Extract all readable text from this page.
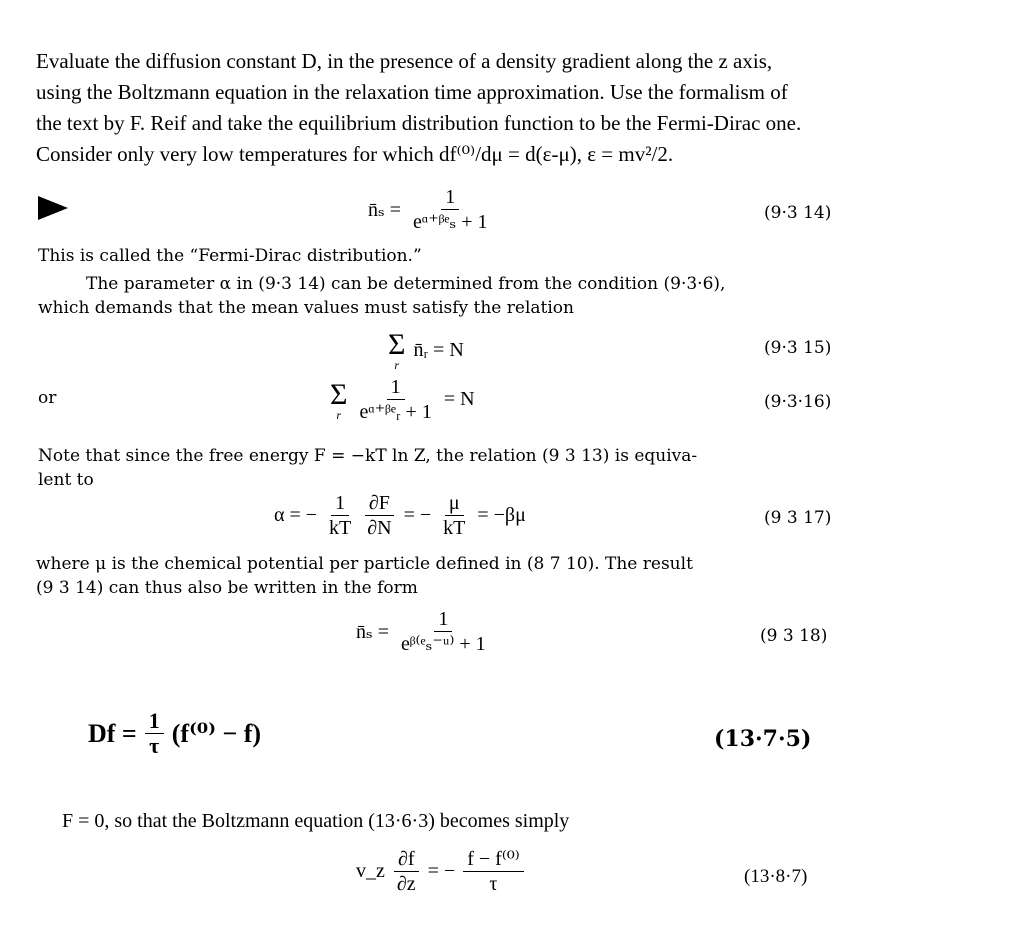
Evaluate the diffusion constant D, in the presence of a density gradient along the z axis,

using the Boltzmann equation in the relaxation time approximation. Use the formalism of

the text by F. Reif and take the equilibrium distribution function to be the Fermi-Dirac one.

Consider only very low temperatures for which df⁽⁰⁾/dμ = d(ε-μ), ε = mv²/2.

n̄ₛ = $\frac{1}{\text{eᵅ⁺ᵝᵉₛ + 1}}$	(9·3 14)
This is called the “Fermi-Dirac distribution.”
The parameter α in (9·3 14) can be determined from the condition (9·3·6),
which demands that the mean values must satisfy the relation
Σ
r
n̄ᵣ = N	(9·3 15)
or	Σ
r $\frac{1}{\text{eᵅ⁺ᵝᵉᵣ + 1}} = N$	(9·3·16)
Note that since the free energy F = −kT ln Z, the relation (9 3 13) is equiva-
lent to
α = − $\frac{1}{kT} \frac{\partial F}{\partial N}$ = − $\frac{\mu}{kT} = -\beta\mu$	(9 3 17)
where μ is the chemical potential per particle defined in (8 7 10). The result
(9 3 14) can thus also be written in the form
n̄ₛ = $\frac{1}{\text{eᵝ⁽ᵉₛ⁻ᵘ⁾ + 1}}$	(9 3 18)
$Df = \frac{1}{\tau} (f^{(0)} - f)$	(13·7·5)
F = 0, so that the Boltzmann equation (13·6·3) becomes simply
v_z $\frac{\partial f}{\partial z}$ = − $\frac{\text{f − f⁽⁰⁾}}{\tau}$	(13·8·7)
